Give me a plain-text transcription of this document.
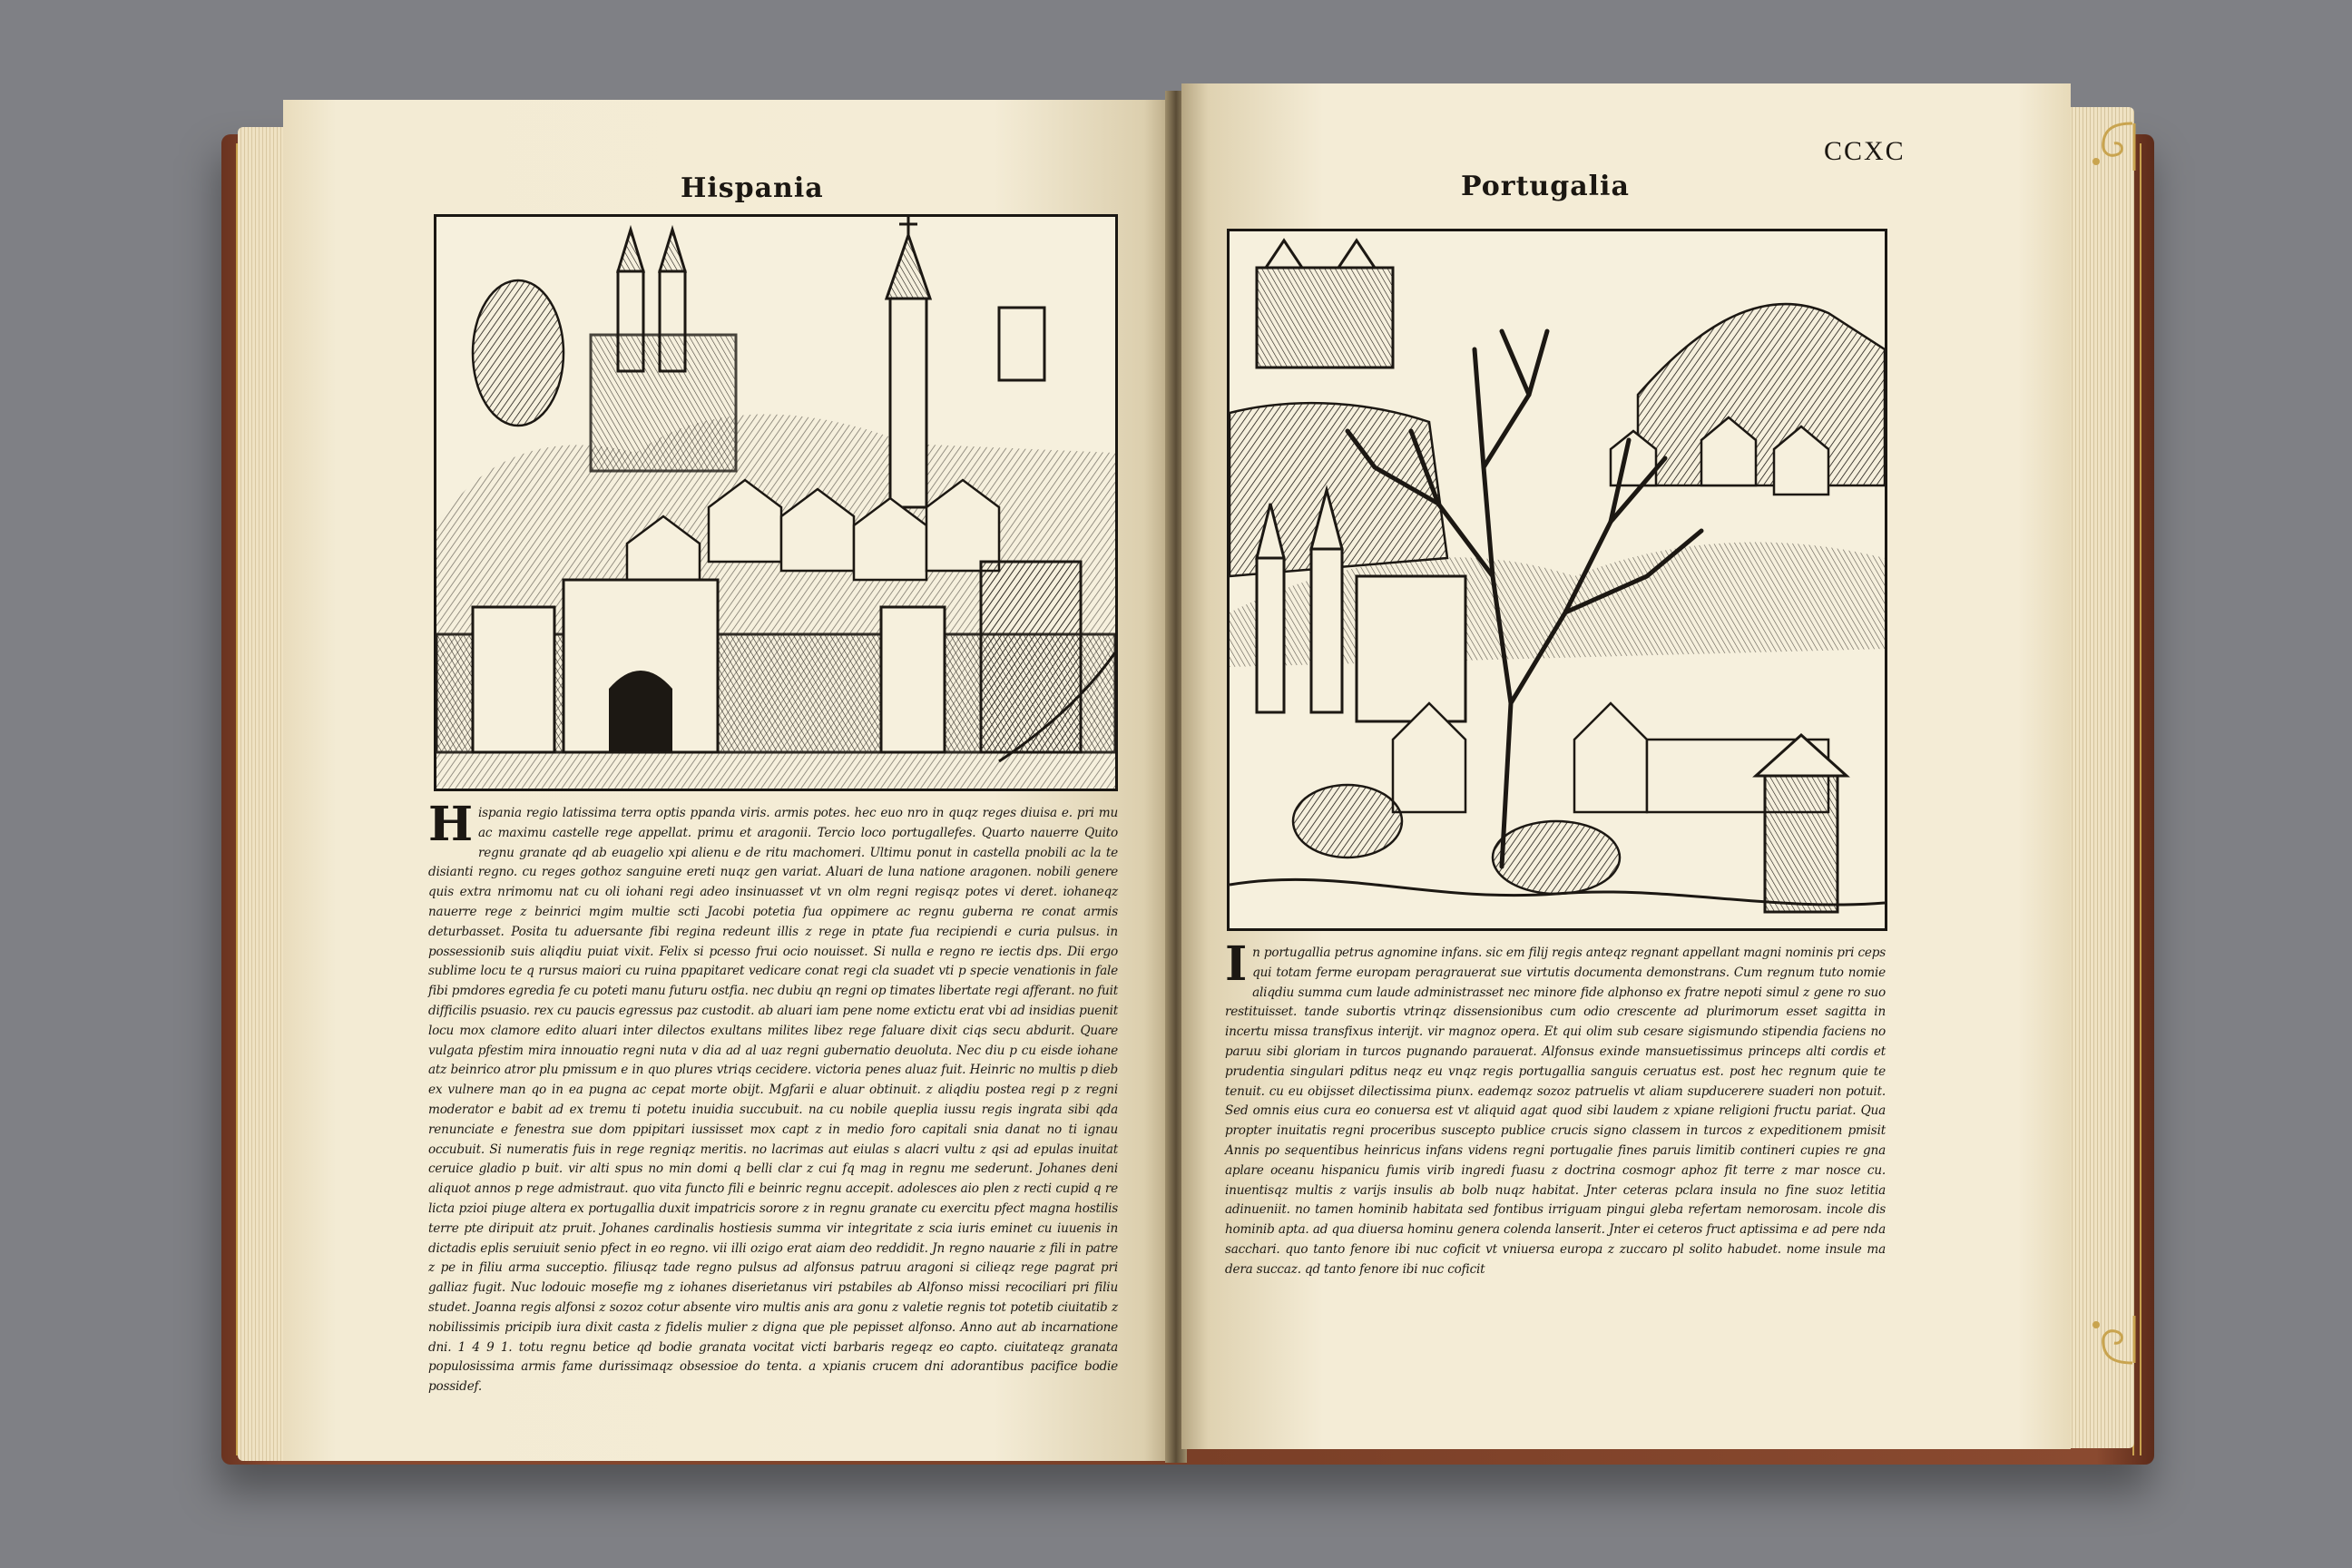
Hispania
H ispania regio latissima terra optis ppanda viris. armis potes. hec euo nro in quqz reges diuisa e. pri mu ac maximu castelle rege appellat. primu et aragonii. Tercio loco portugallefes. Quarto nauerre Quito regnu granate qd ab euagelio xpi alienu e de ritu machomeri. Ultimu ponut in castella pnobili ac la te disianti regno. cu reges gothoz sanguine ereti nuqz gen variat. Aluari de luna natione aragonen. nobili genere quis extra nrimomu nat cu oli iohani regi adeo insinuasset vt vn olm regni regisqz potes vi deret. iohaneqz nauerre rege z beinrici mgim multie scti Jacobi potetia fua oppimere ac regnu guberna re conat armis deturbasset. Posita tu aduersante fibi regina redeunt illis z rege in ptate fua recipiendi e curia pulsus. in possessionib suis aliqdiu puiat vixit. Felix si pcesso frui ocio nouisset. Si nulla e regno re iectis dps. Dii ergo sublime locu te q rursus maiori cu ruina ppapitaret vedicare conat regi cla suadet vti p specie venationis in fale fibi pmdores egredia fe cu poteti manu futuru ostfia. nec dubiu qn regni op timates libertate regi afferant. no fuit difficilis psuasio. rex cu paucis egressus paz custodit. ab aluari iam pene nome extictu erat vbi ad insidias puenit locu mox clamore edito aluari inter dilectos exultans milites libez rege faluare dixit ciqs secu abdurit. Quare vulgata pfestim mira innouatio regni nuta v dia ad al uaz regni gubernatio deuoluta. Nec diu p cu eisde iohane atz beinrico atror plu pmissum e in quo plures vtriqs cecidere. victoria penes aluaz fuit. Heinric no multis p dieb ex vulnere man qo in ea pugna ac cepat morte obijt. Mgfarii e aluar obtinuit. z aliqdiu postea regi p z regni moderator e babit ad ex tremu ti potetu inuidia succubuit. na cu nobile queplia iussu regis ingrata sibi qda renunciate e fenestra sue dom ppipitari iussisset mox capt z in medio foro capitali snia danat no ti ignau occubuit. Si numeratis fuis in rege regniqz meritis. no lacrimas aut eiulas s alacri vultu z qsi ad epulas inuitat ceruice gladio p buit. vir alti spus no min domi q belli clar z cui fq mag in regnu me sederunt. Johanes deni aliquot annos p rege admistraut. quo vita functo fili e beinric regnu accepit. adolesces aio plen z recti cupid q re licta pzioi piuge altera ex portugallia duxit impatricis sorore z in regnu granate cu exercitu pfect magna hostilis terre pte diripuit atz pruit. Johanes cardinalis hostiesis summa vir integritate z scia iuris eminet cu iuuenis in dictadis eplis seruiuit senio pfect in eo regno. vii illi ozigo erat aiam deo reddidit. Jn regno nauarie z fili in patre z pe in filiu arma succeptio. filiusqz tade regno pulsus ad alfonsus patruu aragoni si cilieqz rege pagrat pri galliaz fugit. Nuc lodouic mosefie mg z iohanes diserietanus viri pstabiles ab Alfonso missi recociliari pri filiu studet. Joanna regis alfonsi z sozoz cotur absente viro multis anis ara gonu z valetie regnis tot potetib ciuitatib z nobilissimis pricipib iura dixit casta z fidelis mulier z digna que ple pepisset alfonso. Anno aut ab incarnatione dni. 1 4 9 1. totu regnu betice qd bodie granata vocitat victi barbaris regeqz eo capto. ciuitateqz granata populosissima armis fame durissimaqz obsessioe do tenta. a xpianis crucem dni adorantibus pacifice bodie possidef.

CCXC
Portugalia
I n portugallia petrus agnomine infans. sic em filij regis anteqz regnant appellant magni nominis pri ceps qui totam ferme europam peragrauerat sue virtutis documenta demonstrans. Cum regnum tuto nomie aliqdiu summa cum laude administrasset nec minore fide alphonso ex fratre nepoti simul z gene ro suo restituisset. tande subortis vtrinqz dissensionibus cum odio crescente ad plurimorum esset sagitta in incertu missa transfixus interijt. vir magnoz opera. Et qui olim sub cesare sigismundo stipendia faciens no paruu sibi gloriam in turcos pugnando parauerat. Alfonsus exinde mansuetissimus princeps alti cordis et prudentia singulari pditus neqz eu vnqz regis portugallia sanguis ceruatus est. post hec regnum quie te tenuit. cu eu obijsset dilectissima piunx. eademqz sozoz patruelis vt aliam supducerere suaderi non potuit. Sed omnis eius cura eo conuersa est vt aliquid agat quod sibi laudem z xpiane religioni fructu pariat. Qua propter inuitatis regni proceribus suscepto publice crucis signo classem in turcos z expeditionem pmisit Annis po sequentibus heinricus infans videns regni portugalie fines paruis limitib contineri cupies re gna aplare oceanu hispanicu fumis virib ingredi fuasu z doctrina cosmogr aphoz fit terre z mar nosce cu. inuentisqz multis z varijs insulis ab bolb nuqz habitat. Jnter ceteras pclara insula no fine suoz letitia adinueniit. no tamen hominib habitata sed fontibus irriguam pingui gleba refertam nemorosam. incole dis hominib apta. ad qua diuersa hominu genera colenda lanserit. Jnter ei ceteros fruct aptissima e ad pere nda sacchari. quo tanto fenore ibi nuc coficit vt vniuersa europa z zuccaro pl solito habudet. nome insule ma dera succaz. qd tanto fenore ibi nuc coficit
